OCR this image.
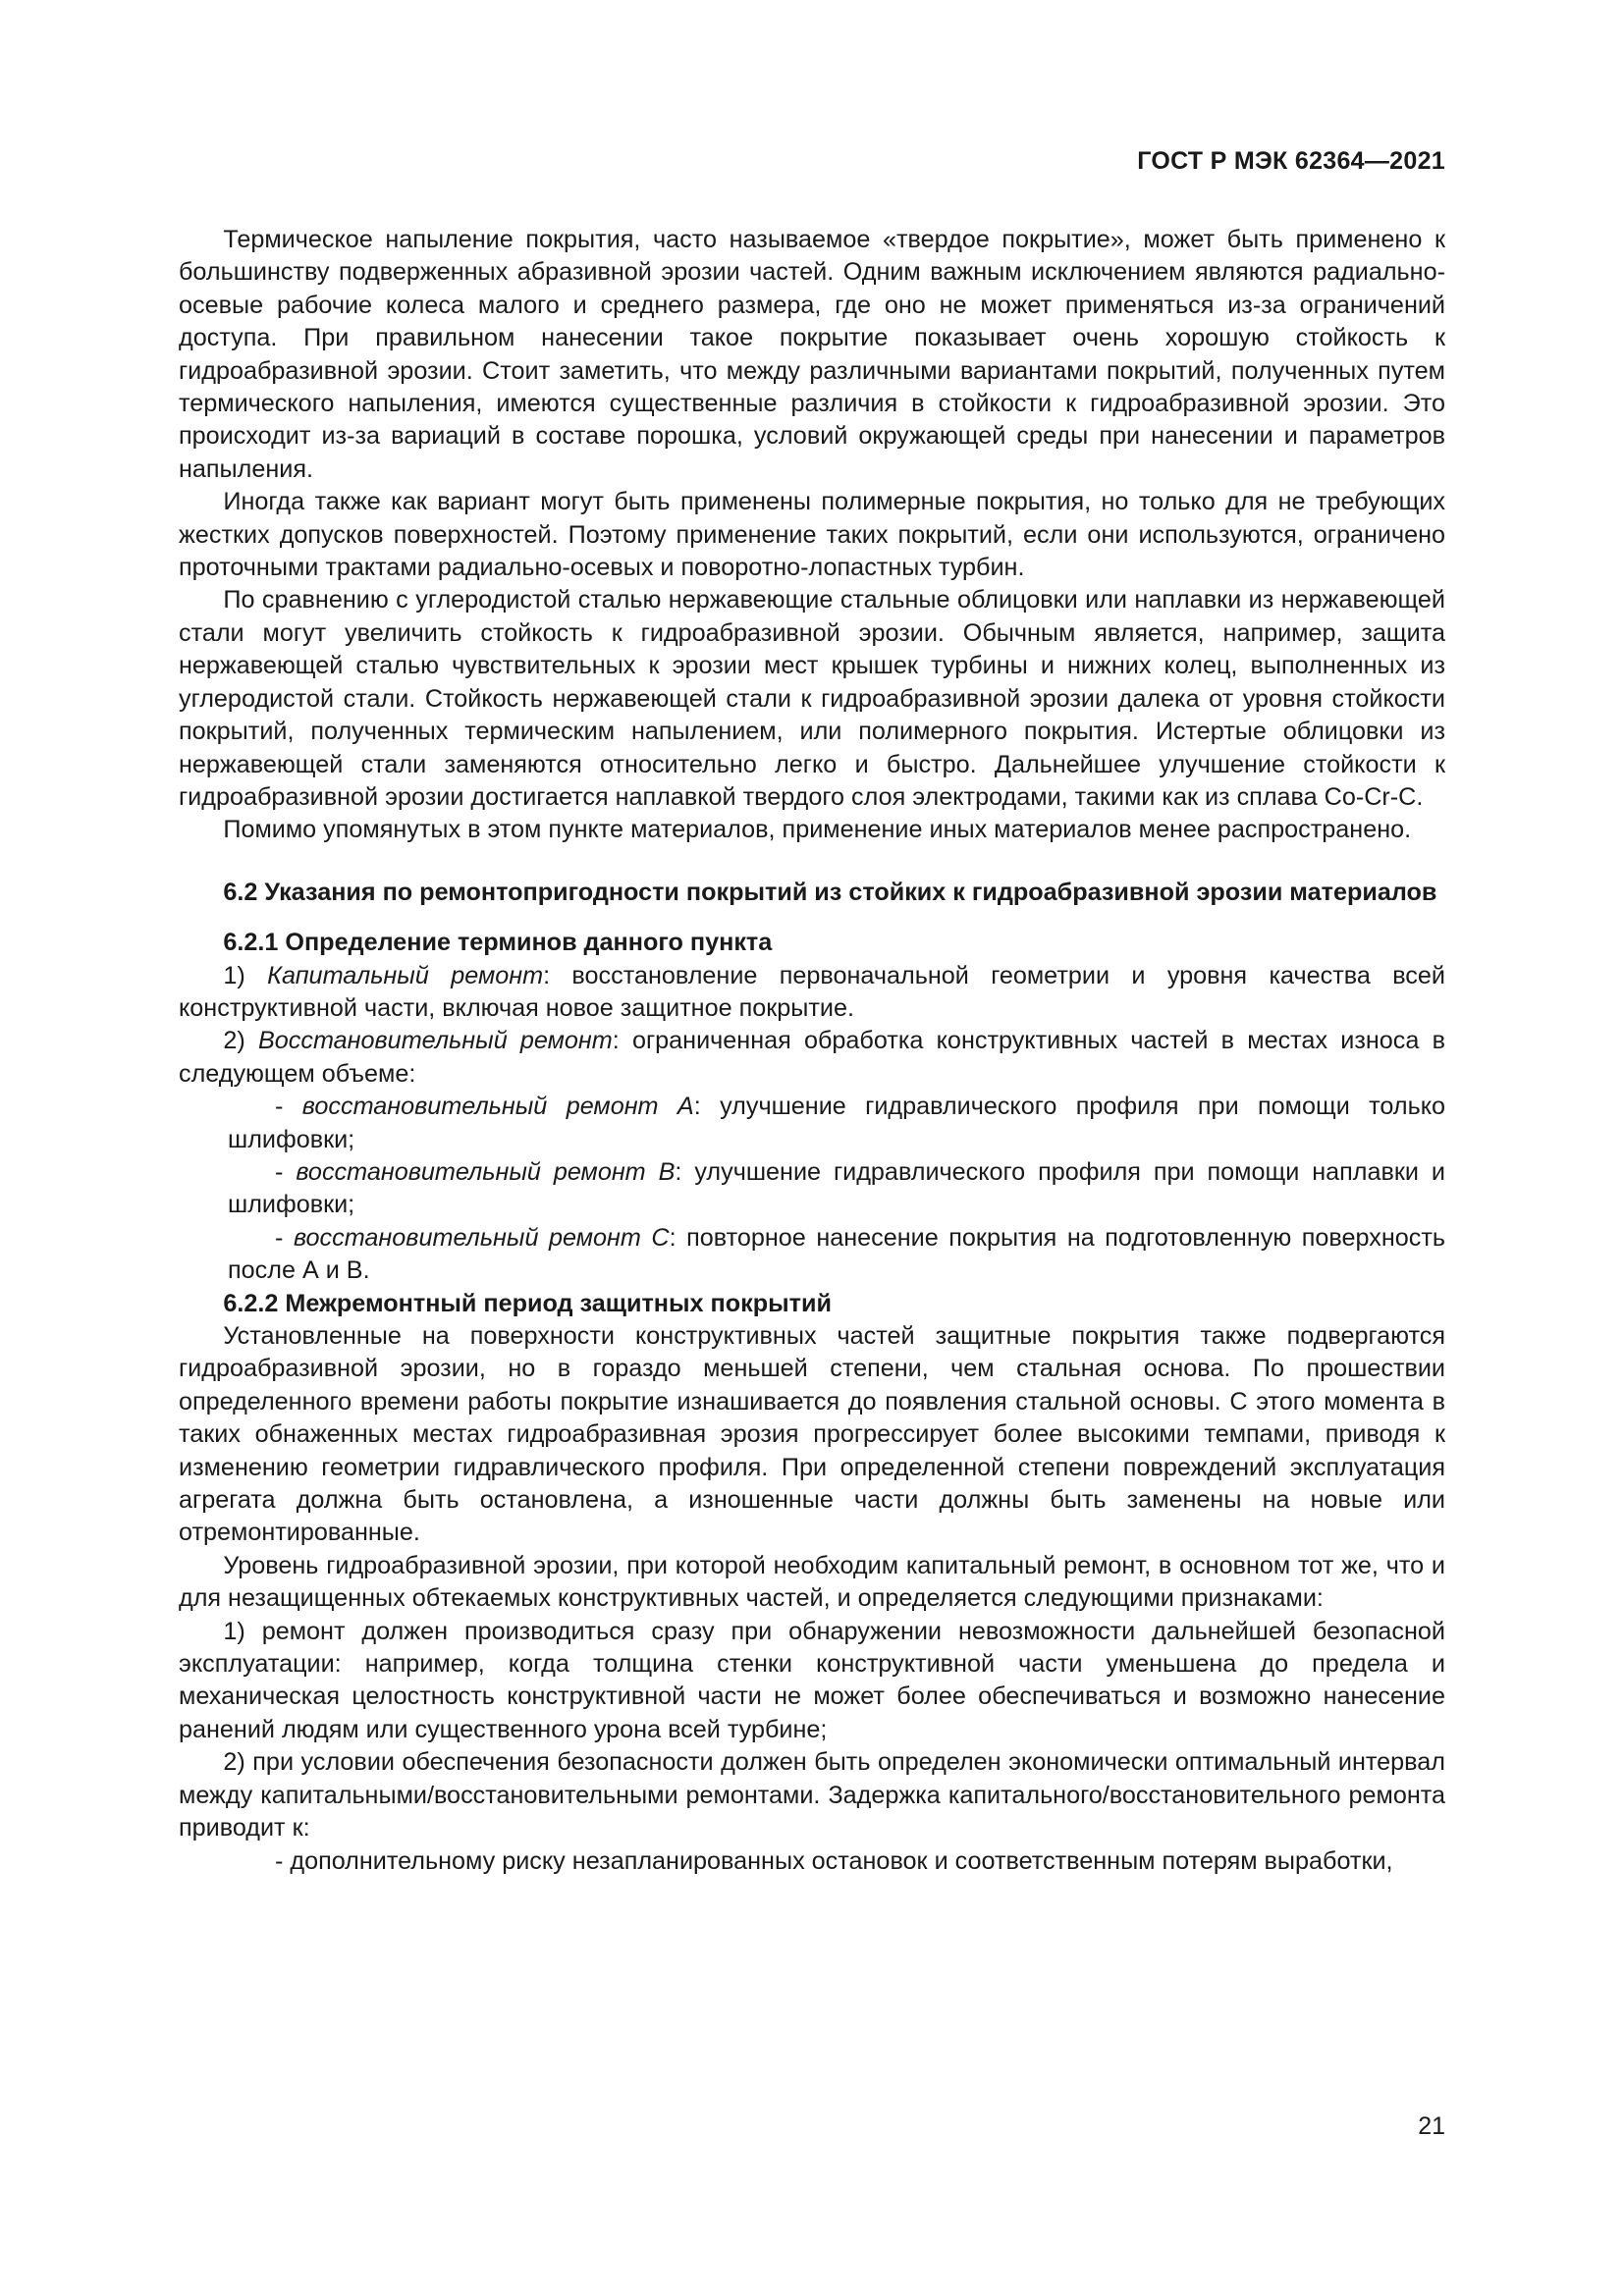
ГОСТ Р МЭК 62364—2021

Термическое напыление покрытия, часто называемое «твердое покрытие», может быть применено к большинству подверженных абразивной эрозии частей. Одним важным исключением являются радиально-осевые рабочие колеса малого и среднего размера, где оно не может применяться из-за ограничений доступа. При правильном нанесении такое покрытие показывает очень хорошую стойкость к гидроабразивной эрозии. Стоит заметить, что между различными вариантами покрытий, полученных путем термического напыления, имеются существенные различия в стойкости к гидроабразивной эрозии. Это происходит из-за вариаций в составе порошка, условий окружающей среды при нанесении и параметров напыления.

Иногда также как вариант могут быть применены полимерные покрытия, но только для не требующих жестких допусков поверхностей. Поэтому применение таких покрытий, если они используются, ограничено проточными трактами радиально-осевых и поворотно-лопастных турбин.

По сравнению с углеродистой сталью нержавеющие стальные облицовки или наплавки из нержавеющей стали могут увеличить стойкость к гидроабразивной эрозии. Обычным является, например, защита нержавеющей сталью чувствительных к эрозии мест крышек турбины и нижних колец, выполненных из углеродистой стали. Стойкость нержавеющей стали к гидроабразивной эрозии далека от уровня стойкости покрытий, полученных термическим напылением, или полимерного покрытия. Истертые облицовки из нержавеющей стали заменяются относительно легко и быстро. Дальнейшее улучшение стойкости к гидроабразивной эрозии достигается наплавкой твердого слоя электродами, такими как из сплава Co-Cr-C.

Помимо упомянутых в этом пункте материалов, применение иных материалов менее распространено.

6.2 Указания по ремонтопригодности покрытий из стойких к гидроабразивной эрозии материалов
6.2.1 Определение терминов данного пункта

1) Капитальный ремонт: восстановление первоначальной геометрии и уровня качества всей конструктивной части, включая новое защитное покрытие.

2) Восстановительный ремонт: ограниченная обработка конструктивных частей в местах износа в следующем объеме:

- восстановительный ремонт А: улучшение гидравлического профиля при помощи только шлифовки;

- восстановительный ремонт В: улучшение гидравлического профиля при помощи наплавки и шлифовки;

- восстановительный ремонт С: повторное нанесение покрытия на подготовленную поверхность после А и В.

6.2.2 Межремонтный период защитных покрытий

Установленные на поверхности конструктивных частей защитные покрытия также подвергаются гидроабразивной эрозии, но в гораздо меньшей степени, чем стальная основа. По прошествии определенного времени работы покрытие изнашивается до появления стальной основы. С этого момента в таких обнаженных местах гидроабразивная эрозия прогрессирует более высокими темпами, приводя к изменению геометрии гидравлического профиля. При определенной степени повреждений эксплуатация агрегата должна быть остановлена, а изношенные части должны быть заменены на новые или отремонтированные.

Уровень гидроабразивной эрозии, при которой необходим капитальный ремонт, в основном тот же, что и для незащищенных обтекаемых конструктивных частей, и определяется следующими признаками:

1) ремонт должен производиться сразу при обнаружении невозможности дальнейшей безопасной эксплуатации: например, когда толщина стенки конструктивной части уменьшена до предела и механическая целостность конструктивной части не может более обеспечиваться и возможно нанесение ранений людям или существенного урона всей турбине;

2) при условии обеспечения безопасности должен быть определен экономически оптимальный интервал между капитальными/восстановительными ремонтами. Задержка капитального/восстановительного ремонта приводит к:

- дополнительному риску незапланированных остановок и соответственным потерям выработки,

21
